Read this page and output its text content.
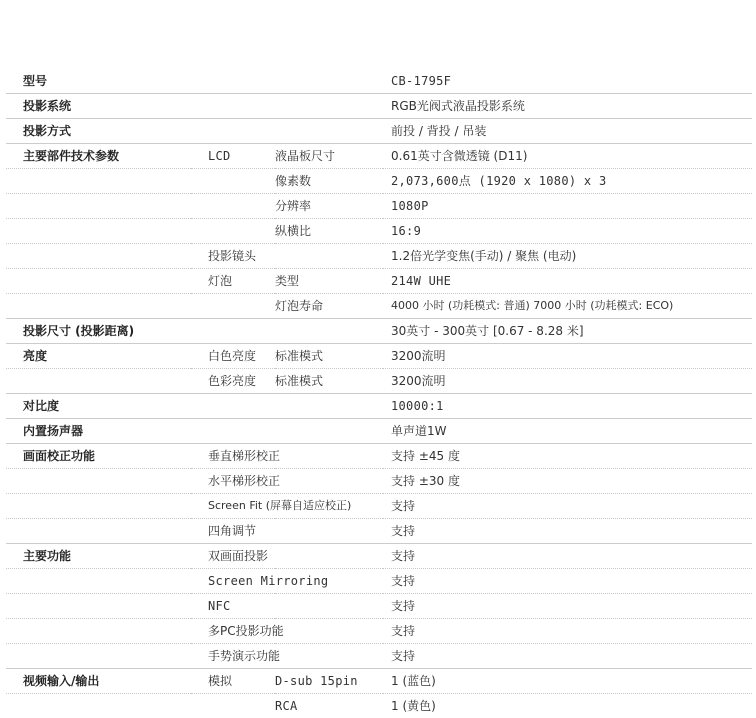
型号			CB-1795F
投影系统			RGB光阀式液晶投影系统
投影方式			前投 / 背投 / 吊装
主要部件技术参数	LCD	液晶板尺寸	0.61英寸含微透镜 (D11)
		像素数	2,073,600点 (1920 x 1080) x 3
		分辨率	1080P
		纵横比	16:9
	投影镜头		1.2倍光学变焦(手动) / 聚焦 (电动)
	灯泡	类型	214W UHE
		灯泡寿命	4000 小时 (功耗模式: 普通) 7000 小时 (功耗模式: ECO)
投影尺寸 (投影距离)			30英寸 - 300英寸 [0.67 - 8.28 米]
亮度	白色亮度	标准模式	3200流明
	色彩亮度	标准模式	3200流明
对比度			10000:1
内置扬声器			单声道1W
画面校正功能	垂直梯形校正		支持 ±45 度
	水平梯形校正		支持 ±30 度
	Screen Fit (屏幕自适应校正)		支持
	四角调节		支持
主要功能	双画面投影		支持
	Screen Mirroring		支持
	NFC		支持
	多PC投影功能		支持
	手势演示功能		支持
视频输入/输出	模拟	D-sub 15pin	1 (蓝色)
		RCA	1 (黄色)
